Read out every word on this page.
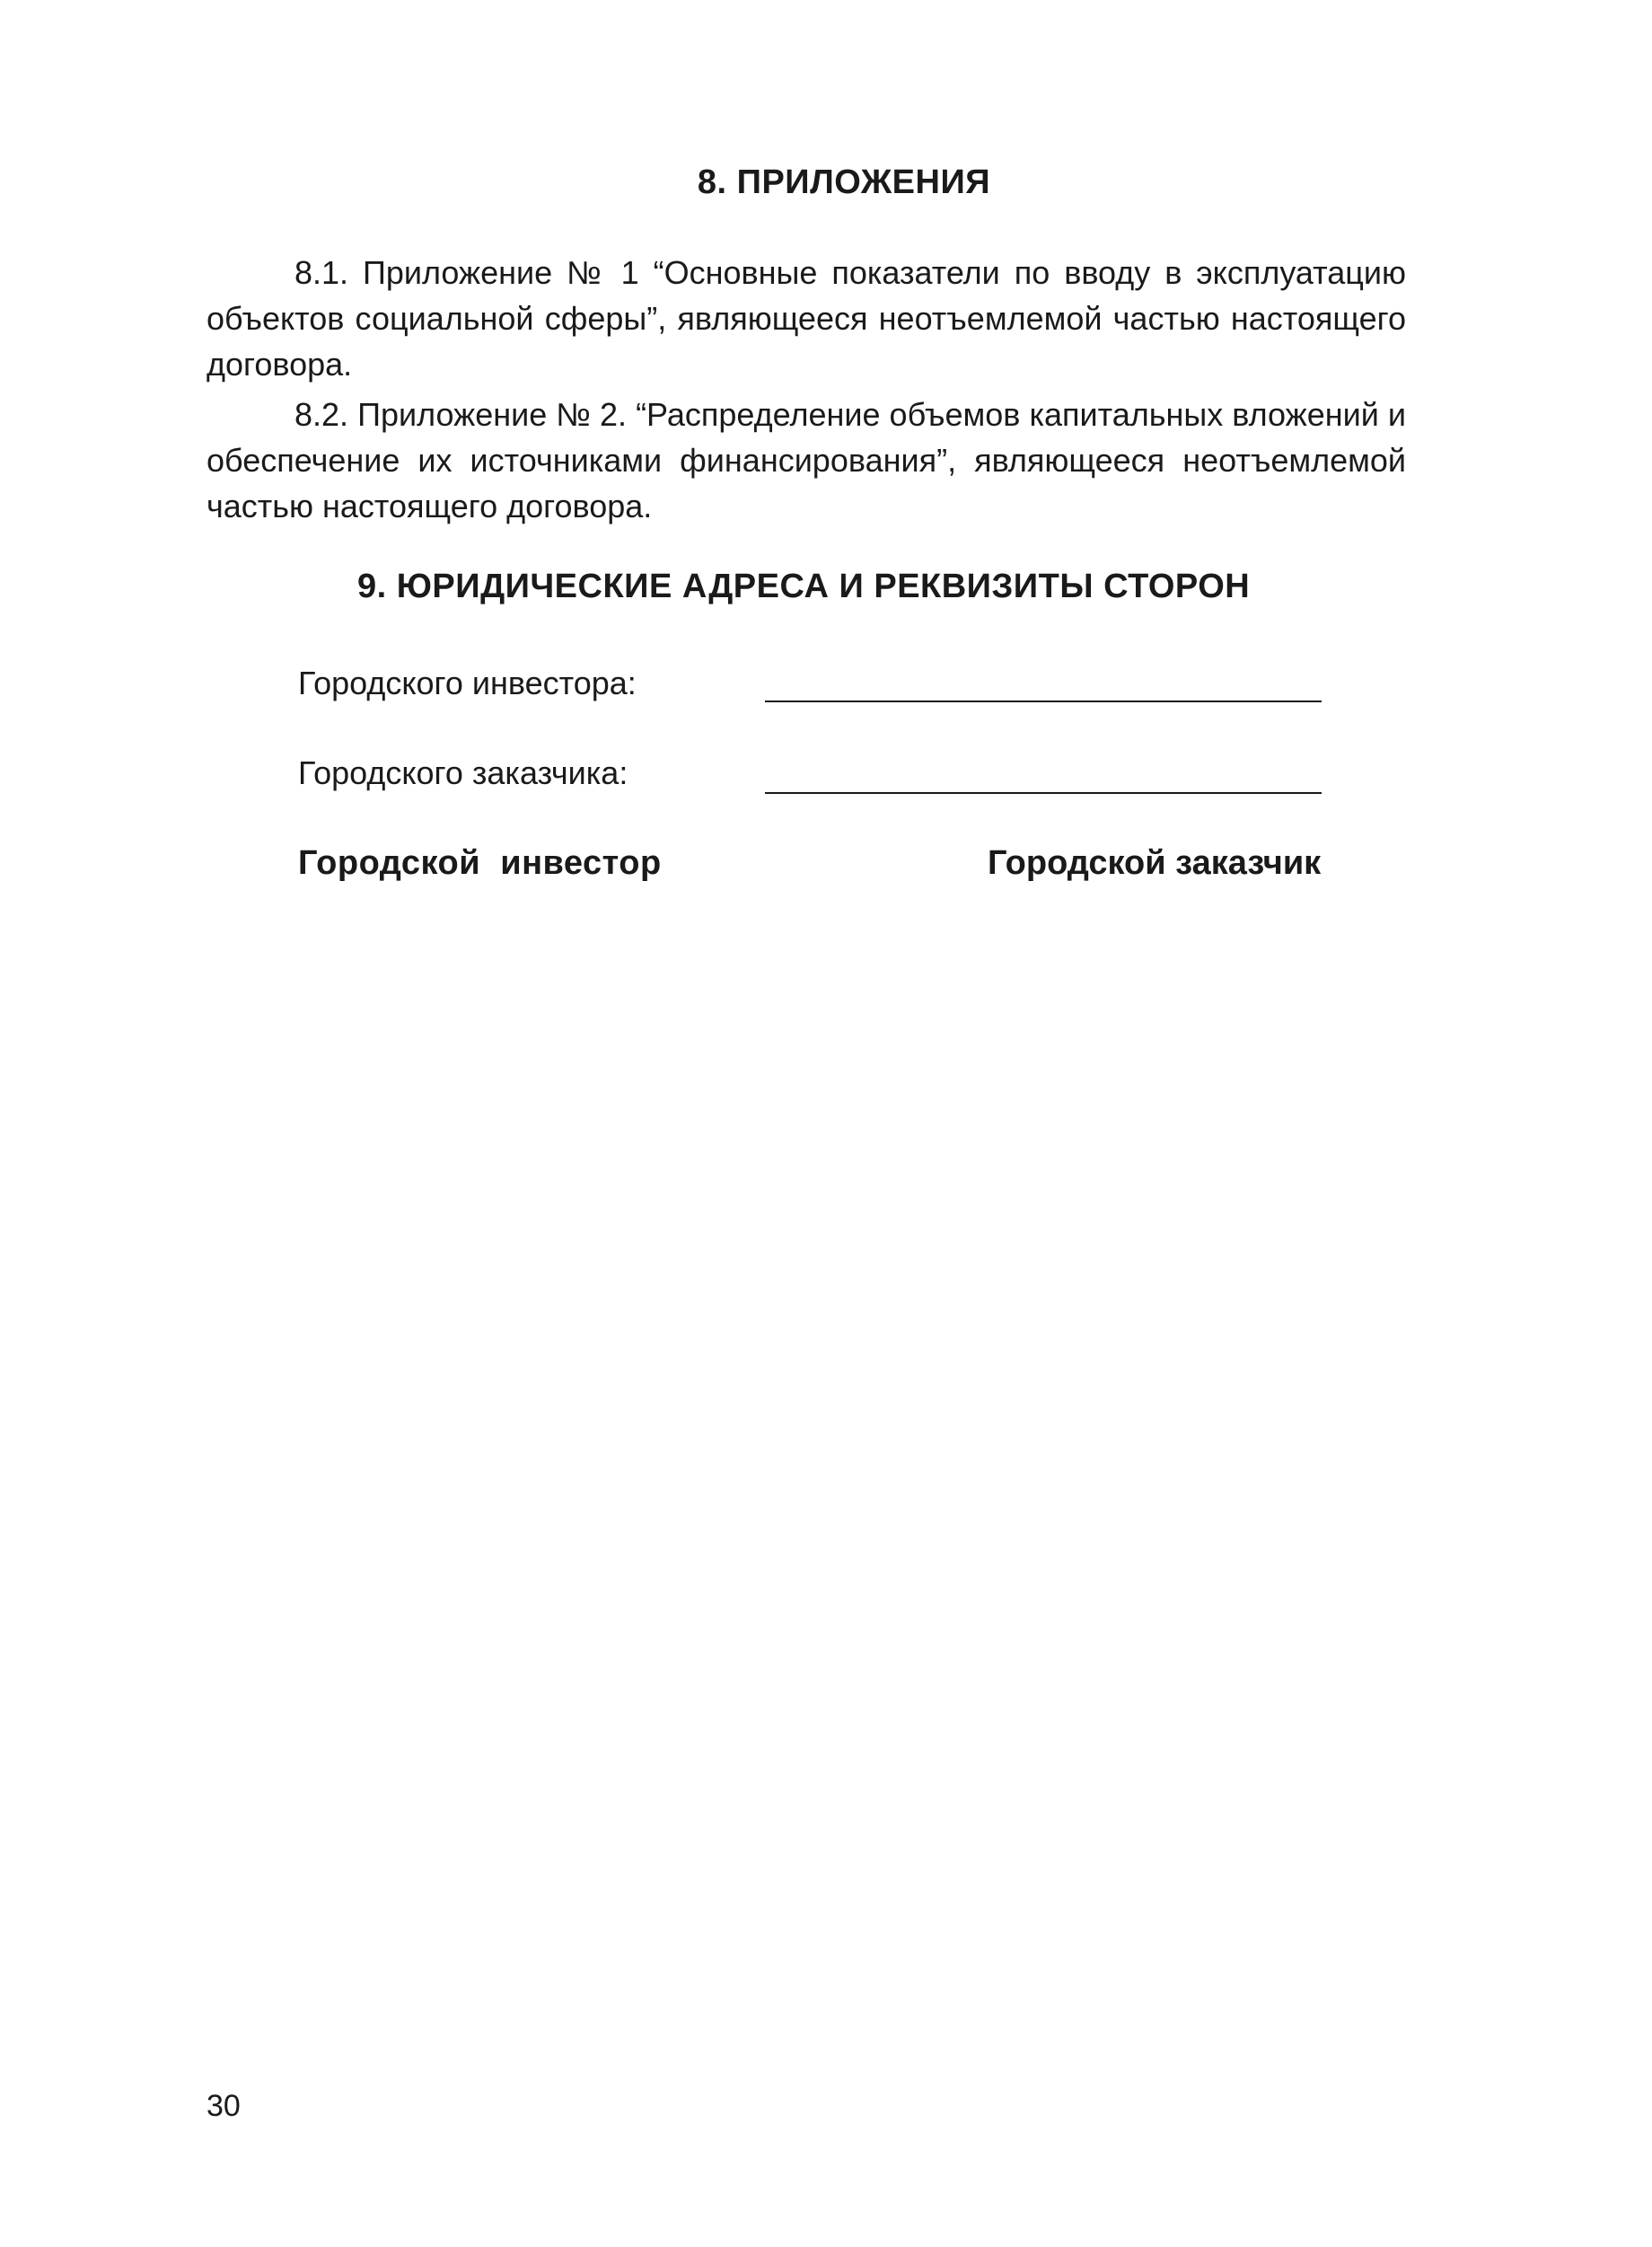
8. ПРИЛОЖЕНИЯ
8.1. Приложение № 1 “Основные показатели по вводу в эксплуатацию объектов социальной сферы”, являющееся неотъемлемой частью настоящего договора.
8.2. Приложение № 2. “Распределение объемов капитальных вложений и обеспечение их источниками финансирования”, являющееся неотъемлемой частью настоящего договора.
9. ЮРИДИЧЕСКИЕ АДРЕСА И РЕКВИЗИТЫ СТОРОН
Городского инвестора:
Городского заказчика:
Городской  инвестор	Городской заказчик
30
